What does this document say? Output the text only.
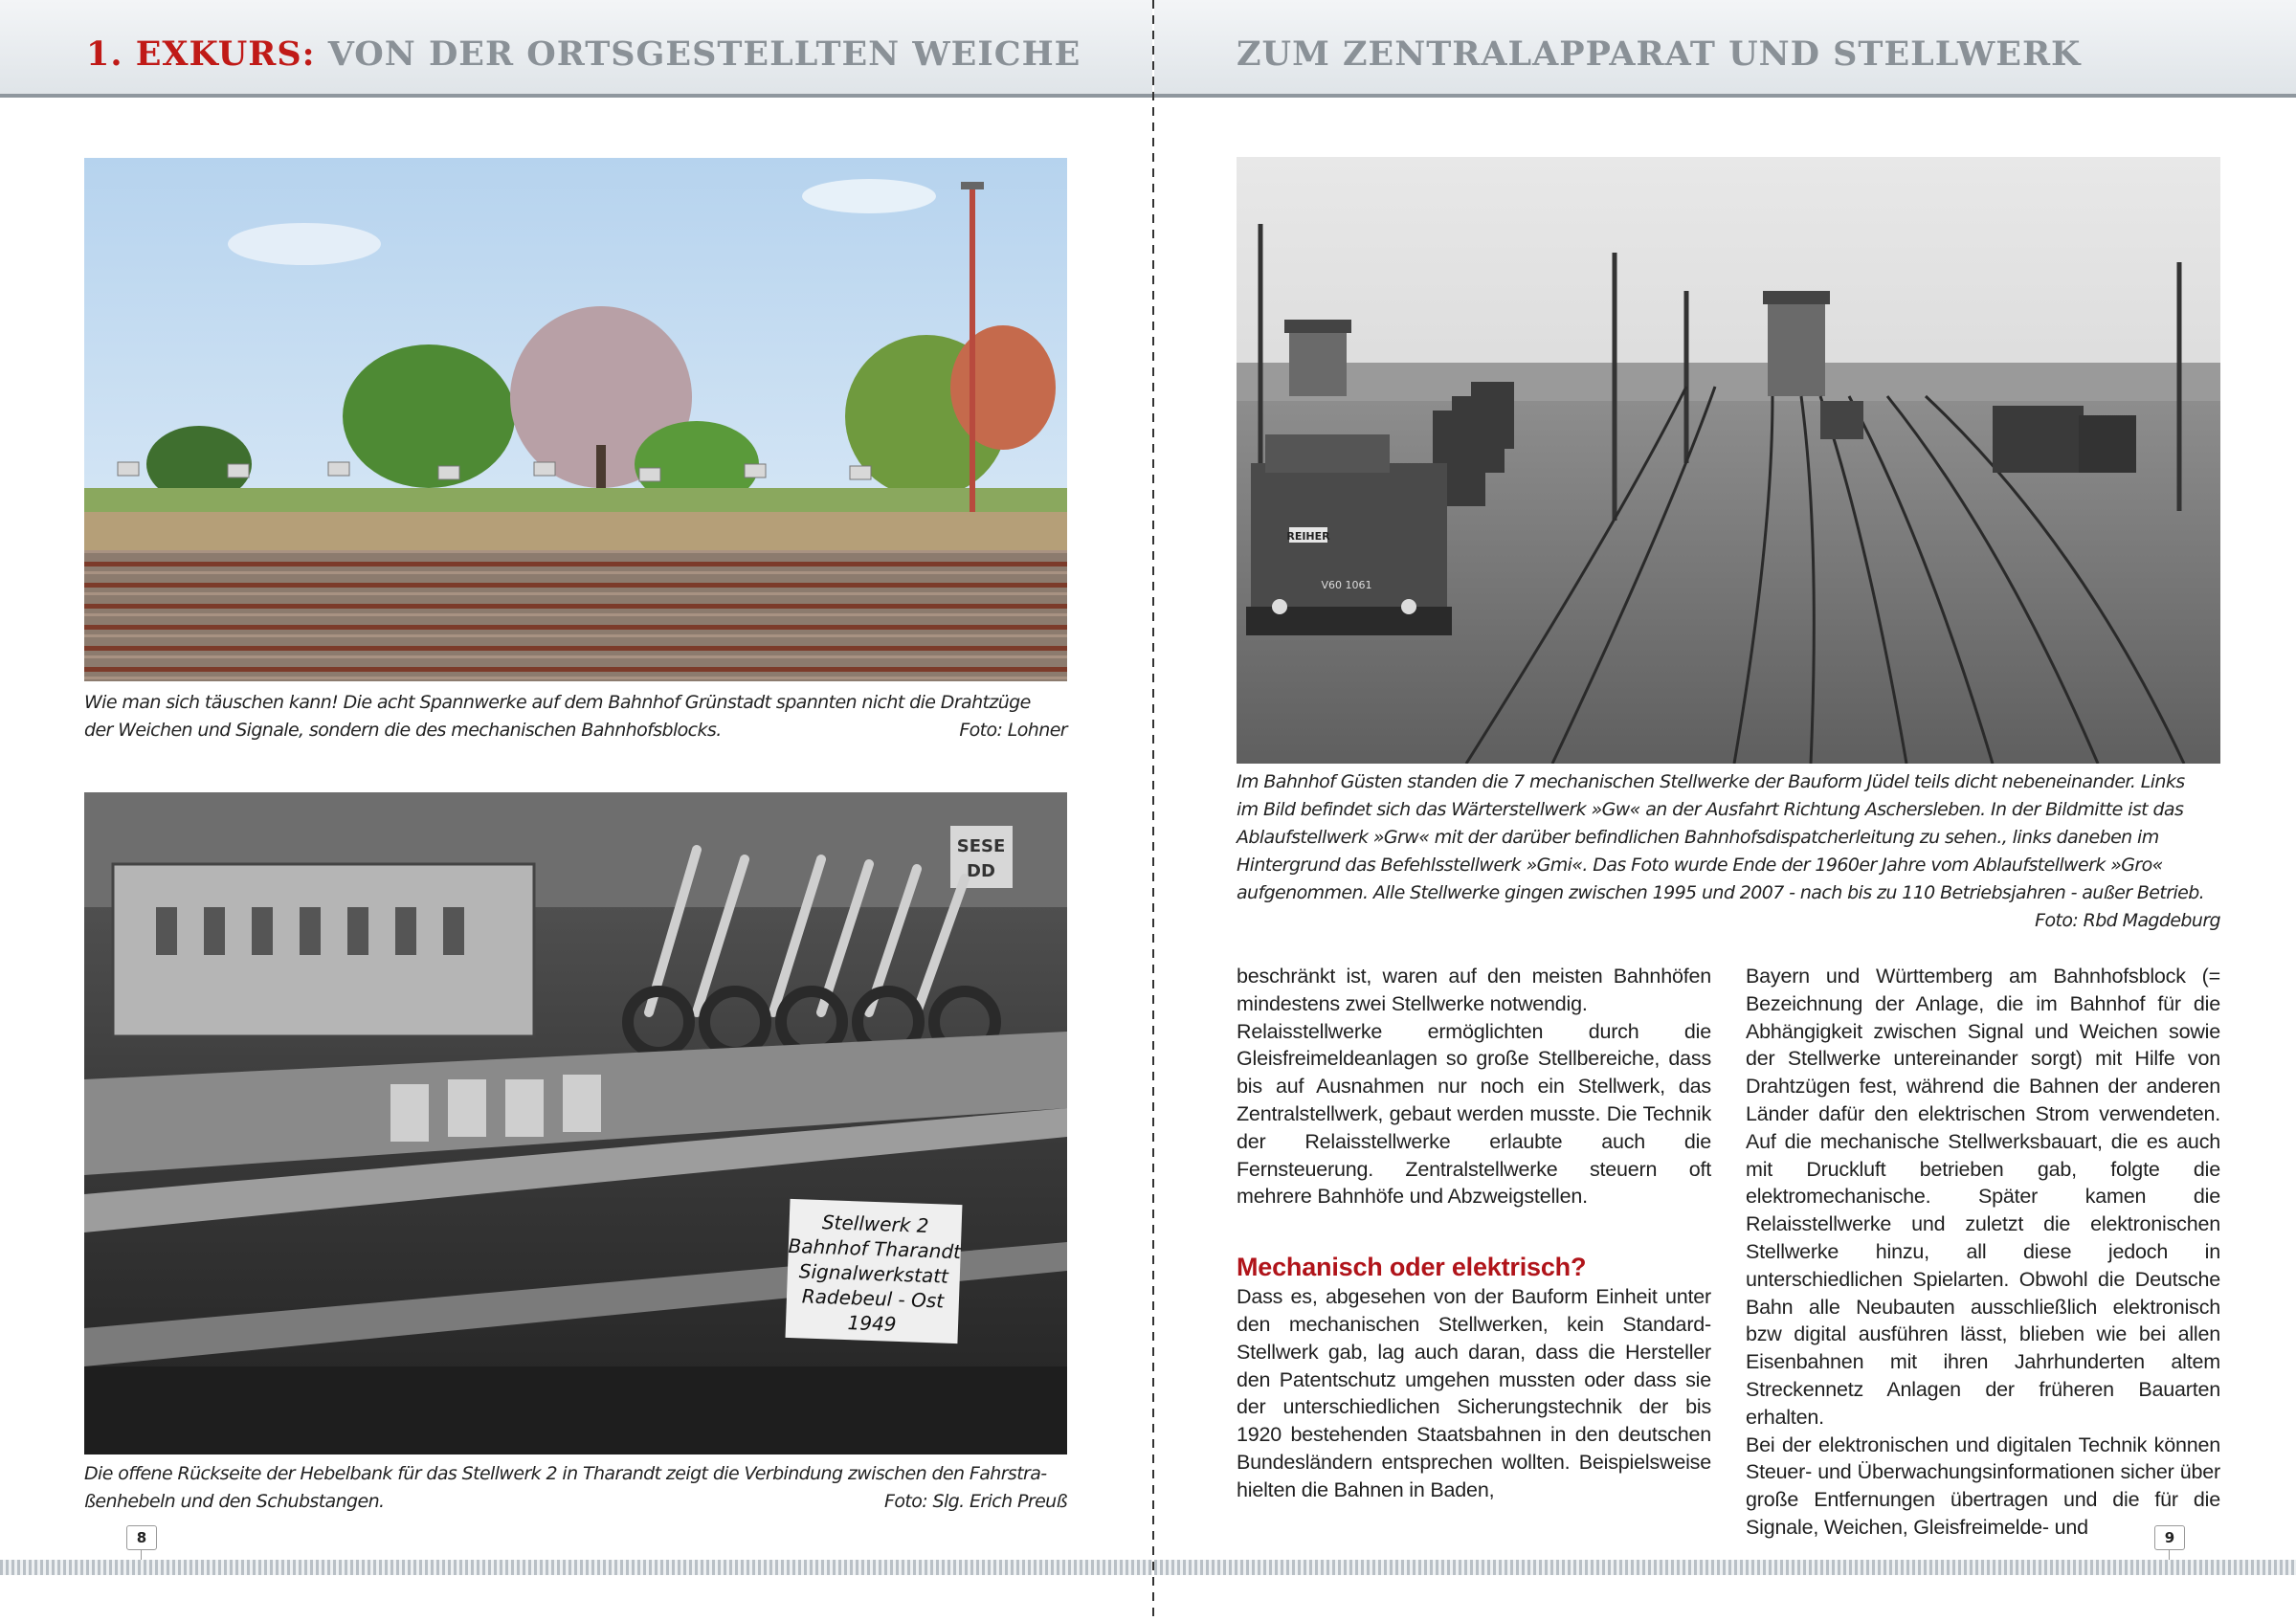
1. EXKURS: VON DER ORTSGESTELLTEN WEICHE
Wie man sich täuschen kann! Die acht Spannwerke auf dem Bahnhof Grünstadt spannten nicht die Drahtzüge

der Weichen und Signale, sondern die des mechanischen Bahnhofsblocks.	Foto: Lohner
SESE
DD
Stellwerk 2
Bahnhof Tharandt
Signalwerkstatt
Radebeul - Ost
1949
Die offene Rückseite der Hebelbank für das Stellwerk 2 in Tharandt zeigt die Verbindung zwischen den Fahrstra-

ßenhebeln und den Schubstangen.	Foto: Slg. Erich Preuß
8
ZUM ZENTRALAPPARAT UND STELLWERK
REIHER
V60 1061
Im Bahnhof Güsten standen die 7 mechanischen Stellwerke der Bauform Jüdel teils dicht nebeneinander. Links
im Bild befindet sich das Wärterstellwerk »Gw« an der Ausfahrt Richtung Aschersleben. In der Bildmitte ist das
Ablaufstellwerk »Grw« mit der darüber befindlichen Bahnhofsdispatcherleitung zu sehen., links daneben im
Hintergrund das Befehlsstellwerk »Gmi«. Das Foto wurde Ende der 1960er Jahre vom Ablaufstellwerk »Gro«
aufgenommen. Alle Stellwerke gingen zwischen 1995 und 2007 - nach bis zu 110 Betriebsjahren - außer Betrieb.
Foto: Rbd Magdeburg

beschränkt ist, waren auf den meisten Bahnhöfen mindestens zwei Stellwerke notwendig.

Relaisstellwerke ermöglichten durch die Gleisfreimeldeanlagen so große Stellbereiche, dass bis auf Ausnahmen nur noch ein Stellwerk, das Zentralstellwerk, gebaut werden musste. Die Technik der Relaisstellwerke erlaubte auch die Fernsteuerung. Zentralstellwerke steuern oft mehrere Bahnhöfe und Abzweigstellen.

Mechanisch oder elektrisch?

Dass es, abgesehen von der Bauform Einheit unter den mechanischen Stellwerken, kein Standard-Stellwerk gab, lag auch daran, dass die Hersteller den Patentschutz umgehen mussten oder dass sie der unterschiedlichen Sicherungstechnik der bis 1920 bestehenden Staatsbahnen in den deutschen Bundesländern entsprechen wollten. Beispielsweise hielten die Bahnen in Baden,

Bayern und Württemberg am Bahnhofsblock (= Bezeichnung der Anlage, die im Bahnhof für die Abhängigkeit zwischen Signal und Weichen sowie der Stellwerke untereinander sorgt) mit Hilfe von Drahtzügen fest, während die Bahnen der anderen Länder dafür den elektrischen Strom verwendeten. Auf die mechanische Stellwerksbauart, die es auch mit Druckluft betrieben gab, folgte die elektromechanische. Später kamen die Relaisstellwerke und zuletzt die elektronischen Stellwerke hinzu, all diese jedoch in unterschiedlichen Spielarten. Obwohl die Deutsche Bahn alle Neubauten ausschließlich elektronisch bzw digital ausführen lässt, blieben wie bei allen Eisenbahnen mit ihren Jahrhunderten altem Streckennetz Anlagen der früheren Bauarten erhalten.

Bei der elektronischen und digitalen Technik können Steuer- und Überwachungsinformationen sicher über große Entfernungen übertragen und die für die Signale, Weichen, Gleisfreimelde- und	9
